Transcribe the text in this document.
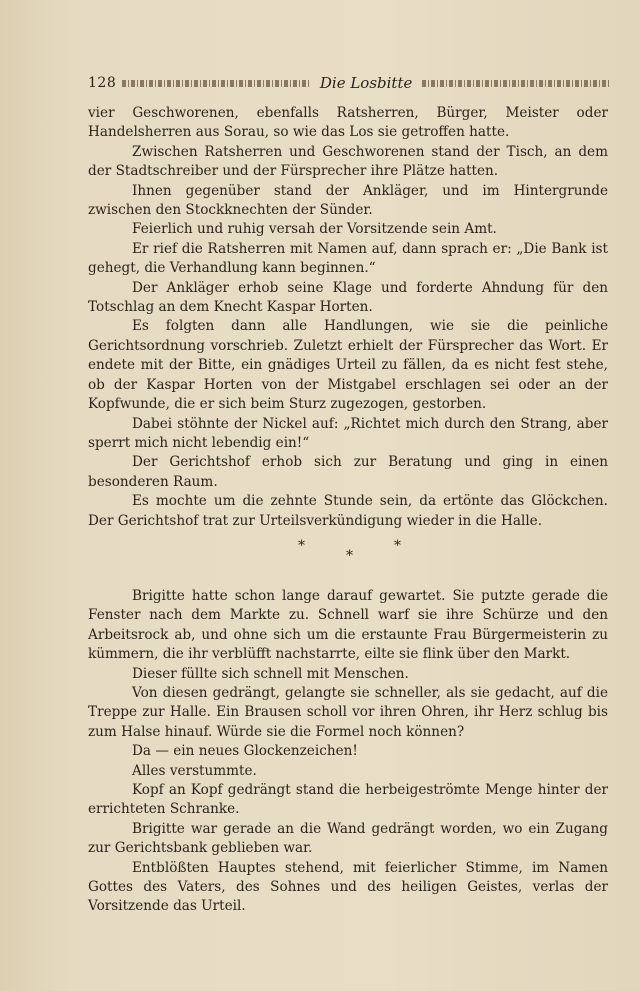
128	Die Losbitte

vier Geschworenen, ebenfalls Ratsherren, Bürger, Meister oder Handelsherren aus Sorau, so wie das Los sie getroffen hatte.

Zwischen Ratsherren und Geschworenen stand der Tisch, an dem der Stadtschreiber und der Fürsprecher ihre Plätze hatten.

Ihnen gegenüber stand der Ankläger, und im Hintergrunde zwischen den Stockknechten der Sünder.

Feierlich und ruhig versah der Vorsitzende sein Amt.

Er rief die Ratsherren mit Namen auf, dann sprach er: „Die Bank ist gehegt, die Verhandlung kann beginnen.“

Der Ankläger erhob seine Klage und forderte Ahndung für den Totschlag an dem Knecht Kaspar Horten.

Es folgten dann alle Handlungen, wie sie die peinliche Gerichtsordnung vorschrieb. Zuletzt erhielt der Fürsprecher das Wort. Er endete mit der Bitte, ein gnädiges Urteil zu fällen, da es nicht fest stehe, ob der Kaspar Horten von der Mistgabel erschlagen sei oder an der Kopfwunde, die er sich beim Sturz zugezogen, gestorben.

Dabei stöhnte der Nickel auf: „Richtet mich durch den Strang, aber sperrt mich nicht lebendig ein!“

Der Gerichtshof erhob sich zur Beratung und ging in einen besonderen Raum.

Es mochte um die zehnte Stunde sein, da ertönte das Glöckchen. Der Gerichtshof trat zur Urteilsverkündigung wieder in die Halle.

*
*
*

Brigitte hatte schon lange darauf gewartet. Sie putzte gerade die Fenster nach dem Markte zu. Schnell warf sie ihre Schürze und den Arbeitsrock ab, und ohne sich um die erstaunte Frau Bürgermeisterin zu kümmern, die ihr verblüfft nachstarrte, eilte sie flink über den Markt.

Dieser füllte sich schnell mit Menschen.

Von diesen gedrängt, gelangte sie schneller, als sie gedacht, auf die Treppe zur Halle. Ein Brausen scholl vor ihren Ohren, ihr Herz schlug bis zum Halse hinauf. Würde sie die Formel noch können?

Da — ein neues Glockenzeichen!

Alles verstummte.

Kopf an Kopf gedrängt stand die herbeigeströmte Menge hinter der errichteten Schranke.

Brigitte war gerade an die Wand gedrängt worden, wo ein Zugang zur Gerichtsbank geblieben war.

Entblößten Hauptes stehend, mit feierlicher Stimme, im Namen Gottes des Vaters, des Sohnes und des heiligen Geistes, verlas der Vorsitzende das Urteil.
